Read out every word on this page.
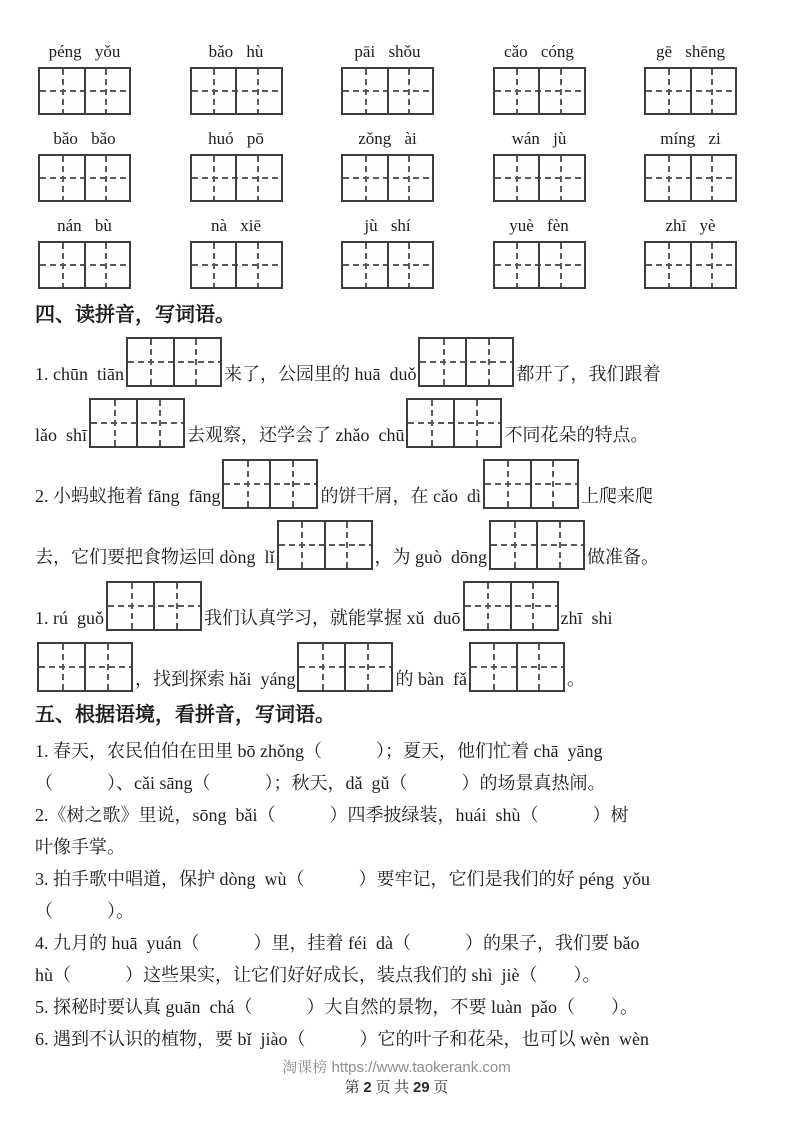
péng yǒu	bǎo hù	pāi shǒu	cǎo cóng	gē shēng
bǎo bǎo	huó pō	zǒng ài	wán jù	míng zi
nán bù	nà xiē	jù shí	yuè fèn	zhī yè
四、读拼音，写词语。
1. chūn  tiān	来了，公园里的 huā  duǒ	都开了，我们跟着
lǎo  shī	去观察，还学会了 zhǎo  chū	不同花朵的特点。
2. 小蚂蚁拖着 fāng  fāng	的饼干屑，在 cǎo  dì	上爬来爬
去，它们要把食物运回 dòng  lǐ	，为 guò  dōng	做准备。
1. rú  guǒ	我们认真学习，就能掌握 xǔ  duō	zhī  shi
，找到探索 hǎi  yáng	的 bàn  fǎ	。
五、根据语境，看拼音，写词语。

1. 春天，农民伯伯在田里 bō zhǒng（　　　）；夏天，他们忙着 chā  yāng

（　　　）、cǎi sāng（　　　）；秋天，dǎ  gǔ（　　　）的场景真热闹。

2.《树之歌》里说，sōng  bǎi（　　　）四季披绿装，huái  shù（　　　）树

叶像手掌。

3. 拍手歌中唱道，保护 dòng  wù（　　　）要牢记，它们是我们的好 péng  yǒu

（　　　）。

4. 九月的 huā  yuán（　　　）里，挂着 féi  dà（　　　）的果子，我们要 bǎo

hù（　　　）这些果实，让它们好好成长，装点我们的 shì  jiè（　　）。

5. 探秘时要认真 guān  chá（　　　）大自然的景物，不要 luàn  pǎo（　　）。

6. 遇到不认识的植物，要 bǐ  jiào（　　　）它的叶子和花朵，也可以 wèn  wèn

淘课榜 https://www.taokerank.com
第 2 页 共 29 页
